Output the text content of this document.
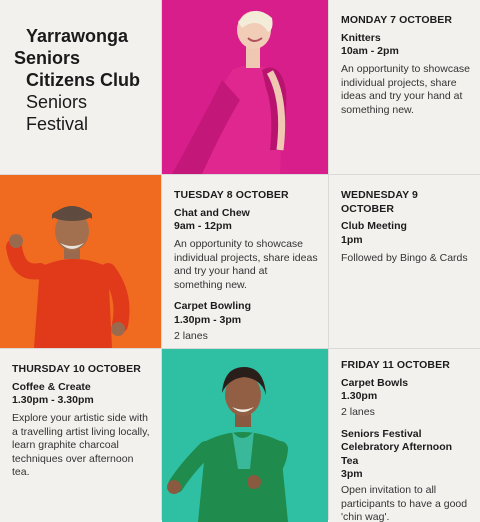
Yarrawonga
Seniors
Citizens Club
Seniors
Festival
MONDAY 7 OCTOBER
Knitters
10am - 2pm
An opportunity to showcase individual projects, share ideas and try your hand at something new.
TUESDAY 8 OCTOBER
Chat and Chew
9am - 12pm
An opportunity to showcase individual projects, share ideas and try your hand at something new.
Carpet Bowling
1.30pm - 3pm
2 lanes
WEDNESDAY 9 OCTOBER
Club Meeting
1pm
Followed by Bingo & Cards
THURSDAY 10 OCTOBER
Coffee & Create
1.30pm - 3.30pm
Explore your artistic side with a travelling artist living locally, learn graphite charcoal techniques over afternoon tea.
FRIDAY 11 OCTOBER
Carpet Bowls
1.30pm
2 lanes
Seniors Festival Celebratory Afternoon Tea
3pm
Open invitation to all participants to have a good 'chin wag'.
